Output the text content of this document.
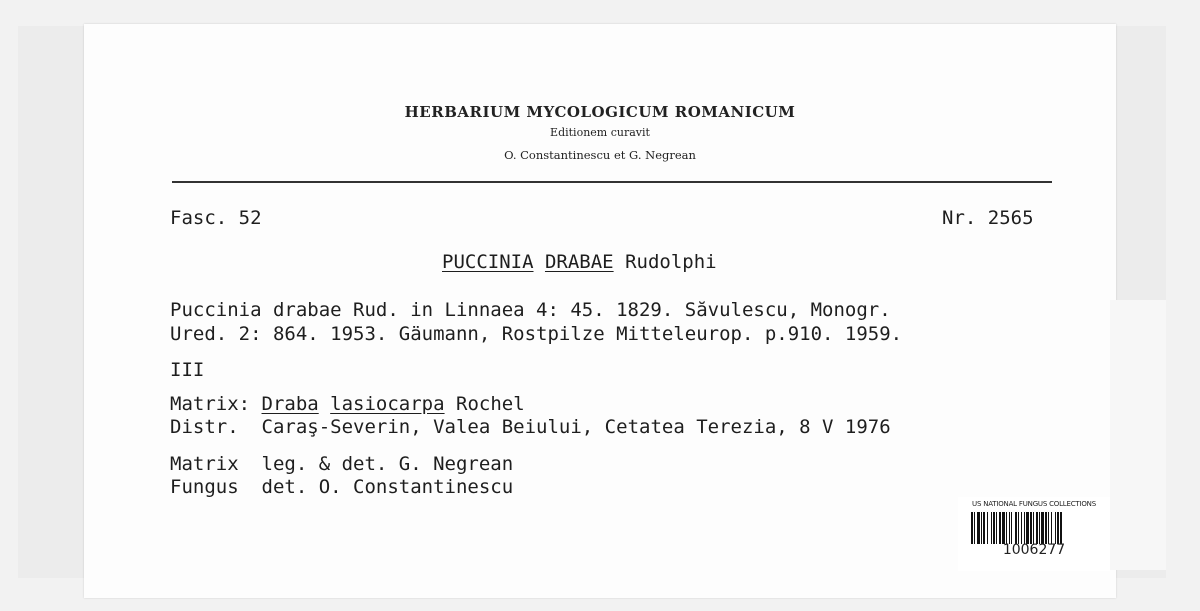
HERBARIUM MYCOLOGICUM ROMANICUM
Editionem curavit
O. Constantinescu et G. Negrean
Fasc. 52	Nr. 2565
PUCCINIA DRABAE Rudolphi
Puccinia drabae Rud. in Linnaea 4: 45. 1829. Săvulescu, Monogr.
Ured. 2: 864. 1953. Gäumann, Rostpilze Mitteleurop. p.910. 1959.
III
Matrix: Draba lasiocarpa Rochel
Distr.  Caraş-Severin, Valea Beiului, Cetatea Terezia, 8 V 1976
Matrix  leg. & det. G. Negrean
Fungus  det. O. Constantinescu
US NATIONAL FUNGUS COLLECTIONS
1006277
